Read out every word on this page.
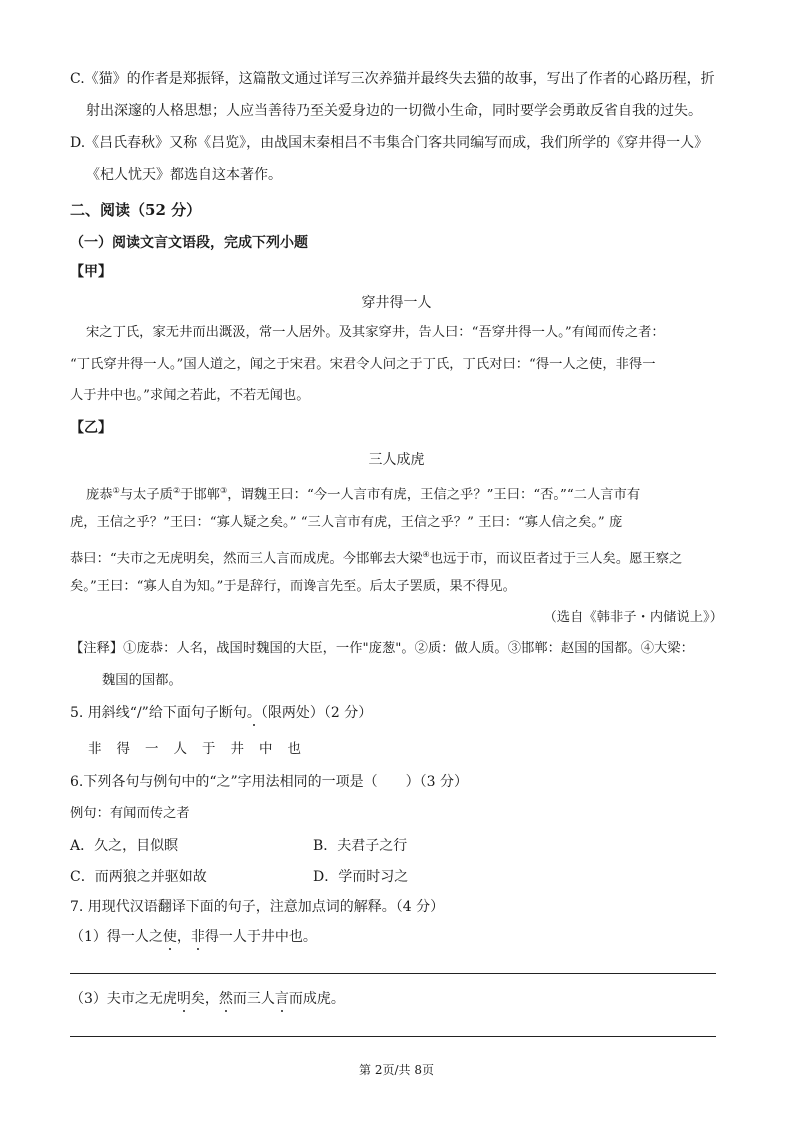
C.《猫》的作者是郑振铎，这篇散文通过详写三次养猫并最终失去猫的故事，写出了作者的心路历程，折
射出深邃的人格思想；人应当善待乃至关爱身边的一切微小生命，同时要学会勇敢反省自我的过失。
D.《吕氏春秋》又称《吕览》，由战国末秦相吕不韦集合门客共同编写而成，我们所学的《穿井得一人》
《杞人忧天》都选自这本著作。
二、阅读（52 分）
（一）阅读文言文语段，完成下列小题
【甲】
穿井得一人
宋之丁氏，家无井而出溉汲，常一人居外。及其家穿井，告人曰：“吾穿井得一人。”有闻而传之者：
“丁氏穿井得一人。”国人道之，闻之于宋君。宋君令人问之于丁氏，丁氏对曰：“得一人之使，非得一
人于井中也。”求闻之若此，不若无闻也。
【乙】
三人成虎
庞恭①与太子质②于邯郸③，谓魏王曰：“今一人言市有虎，王信之乎？”王曰：“否。”“二人言市有
虎，王信之乎？”王曰：“寡人疑之矣。” “三人言市有虎，王信之乎？” 王曰：“寡人信之矣。” 庞
恭曰：“夫市之无虎明矣，然而三人言而成虎。今邯郸去大梁④也远于市，而议臣者过于三人矣。愿王察之
矣。”王曰：“寡人自为知。”于是辞行，而谗言先至。后太子罢质，果不得见。
（选自《韩非子・内储说上》）
【注释】①庞恭：人名，战国时魏国的大臣，一作"庞葱"。②质：做人质。③邯郸：赵国的国都。④大梁：
魏国的国都。
5. 用斜线“/”给下面句子断句。（限两处）（2 分）
非得一人于井中也
6.下列各句与例句中的“之”字用法相同的一项是（　　）（3 分）
例句：有闻而传之者
A．久之，目似瞑	B．夫君子之行
C．而两狼之并驱如故	D．学而时习之
7. 用现代汉语翻译下面的句子，注意加点词的解释。（4 分）
（1）得一人之使，非得一人于井中也。
（3）夫市之无虎明矣，然而三人言而成虎。
第 2页/共 8页
